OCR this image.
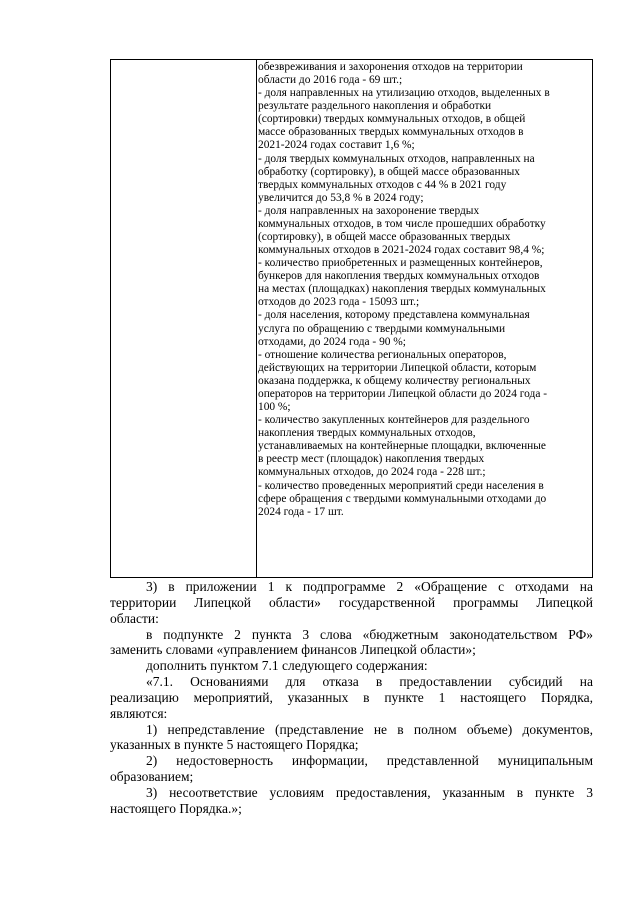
обезвреживания и захоронения отходов на территории
области до 2016 года - 69 шт.;
- доля направленных на утилизацию отходов, выделенных в
результате раздельного накопления и обработки
(сортировки) твердых коммунальных отходов, в общей
массе образованных твердых коммунальных отходов в
2021-2024 годах составит 1,6 %;
- доля твердых коммунальных отходов, направленных на
обработку (сортировку), в общей массе образованных
твердых коммунальных отходов с 44 % в 2021 году
увеличится до 53,8 % в 2024 году;
- доля направленных на захоронение твердых
коммунальных отходов, в том числе прошедших обработку
(сортировку), в общей массе образованных твердых
коммунальных отходов в 2021-2024 годах составит 98,4 %;
- количество приобретенных и размещенных контейнеров,
бункеров для накопления твердых коммунальных отходов
на местах (площадках) накопления твердых коммунальных
отходов до 2023 года - 15093 шт.;
- доля населения, которому представлена коммунальная
услуга по обращению с твердыми коммунальными
отходами, до 2024 года - 90 %;
- отношение количества региональных операторов,
действующих на территории Липецкой области, которым
оказана поддержка, к общему количеству региональных
операторов на территории Липецкой области до 2024 года -
100 %;
- количество закупленных контейнеров для раздельного
накопления твердых коммунальных отходов,
устанавливаемых на контейнерные площадки, включенные
в реестр мест (площадок) накопления твердых
коммунальных отходов, до 2024 года - 228 шт.;
- количество проведенных мероприятий среди населения в
сфере обращения с твердыми коммунальными отходами до
2024 года - 17 шт.
3) в приложении 1 к подпрограмме 2 «Обращение с отходами на
территории Липецкой области» государственной программы Липецкой
области:
в подпункте 2 пункта 3 слова «бюджетным законодательством РФ»
заменить словами «управлением финансов Липецкой области»;
дополнить пунктом 7.1 следующего содержания:
«7.1. Основаниями для отказа в предоставлении субсидий на
реализацию мероприятий, указанных в пункте 1 настоящего Порядка,
являются:
1) непредставление (представление не в полном объеме) документов,
указанных в пункте 5 настоящего Порядка;
2) недостоверность информации, представленной муниципальным
образованием;
3) несоответствие условиям предоставления, указанным в пункте 3
настоящего Порядка.»;
